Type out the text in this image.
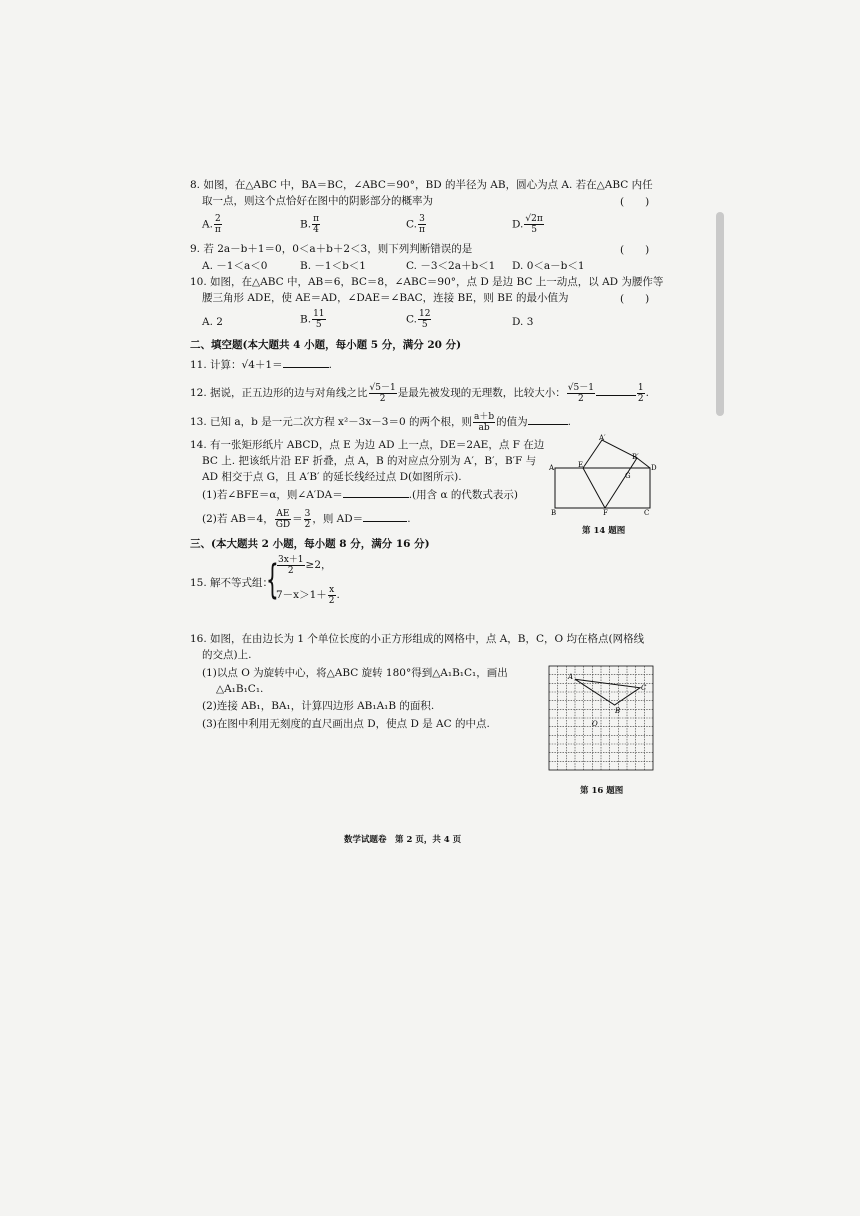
8. 如图，在△ABC 中，BA＝BC，∠ABC＝90°，BD 的半径为 AB，圆心为点 A. 若在△ABC 内任
取一点，则这个点恰好在图中的阴影部分的概率为	(　　)
A. $\frac{2}{\pi}$	B. $\frac{\pi}{4}$	C. $\frac{3}{\pi}$	D. $\frac{√2\pi}{5}$
9. 若 2a－b＋1＝0，0＜a＋b＋2＜3，则下列判断错误的是	(　　)
A. －1＜a＜0	B. －1＜b＜1	C. －3＜2a＋b＜1 D. 0＜a－b＜1
10. 如图，在△ABC 中，AB＝6，BC＝8，∠ABC＝90°，点 D 是边 BC 上一动点，以 AD 为腰作等
腰三角形 ADE，使 AE＝AD，∠DAE＝∠BAC，连接 BE，则 BE 的最小值为	(　　)
A. 2	B. $\frac{11}{5}$	C. $\frac{12}{5}$	D. 3
二、填空题(本大题共 4 小题，每小题 5 分，满分 20 分)
11. 计算：√4＋1＝	.
12. 据说，正五边形的边与对角线之比 $\frac{√5-1}{2}$ 是最先被发现的无理数，比较大小： $\frac{√5-1}{2}$	$\frac{1}{2}$ .
13. 已知 a，b 是一元二次方程 x²－3x－3＝0 的两个根，则 $\frac{a+b}{ab}$ 的值为	.
14. 有一张矩形纸片 ABCD，点 E 为边 AD 上一点，DE＝2AE，点 F 在边
BC 上. 把该纸片沿 EF 折叠，点 A，B 的对应点分别为 A′，B′，B′F 与
AD 相交于点 G，且 A′B′ 的延长线经过点 D(如图所示).
(1)若∠BFE＝α，则∠A′DA＝	.(用含 α 的代数式表示)
(2)若 AB＝4， $\frac{AE}{GD} = \frac{3}{2}$ ，则 AD＝	.
A′
B′
A	E
G
D
B	F	C
第 14 题图
三、(本大题共 2 小题，每小题 8 分，满分 16 分)
15. 解不等式组：
{
$\frac{3x+1}{2} \ge 2$，
$7-x>1+ \frac{x}{2}$ .
16. 如图，在由边长为 1 个单位长度的小正方形组成的网格中，点 A，B，C，O 均在格点(网格线
的交点)上.
(1)以点 O 为旋转中心，将△ABC 旋转 180°得到△A₁B₁C₁，画出
△A₁B₁C₁.
(2)连接 AB₁，BA₁，计算四边形 AB₁A₁B 的面积.
(3)在图中利用无刻度的直尺画出点 D，使点 D 是 AC 的中点.
A
C
B
O
第 16 题图
数学试题卷　第 2 页，共 4 页
